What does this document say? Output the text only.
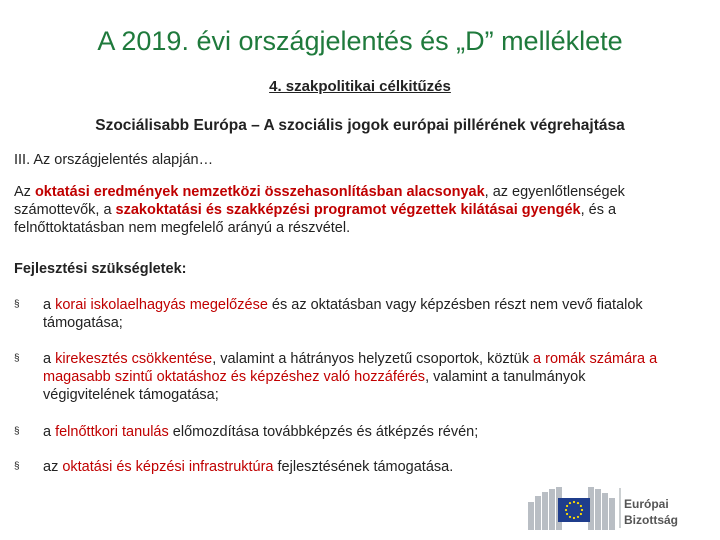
A 2019. évi országjelentés és „D” melléklete
4. szakpolitikai célkitűzés
Szociálisabb Európa – A szociális jogok európai pillérének végrehajtása
III. Az országjelentés alapján…
Az oktatási eredmények nemzetközi összehasonlításban alacsonyak, az egyenlőtlenségek számottevők, a szakoktatási és szakképzési programot végzettek kilátásai gyengék, és a felnőttoktatásban nem megfelelő arányú a részvétel.
Fejlesztési szükségletek:
§ a korai iskolaelhagyás megelőzése és az oktatásban vagy képzésben részt nem vevő fiatalok támogatása;
§ a kirekesztés csökkentése, valamint a hátrányos helyzetű csoportok, köztük a romák számára a magasabb szintű oktatáshoz és képzéshez való hozzáférés, valamint a tanulmányok végigvitelének támogatása;
§ a felnőttkori tanulás előmozdítása továbbképzés és átképzés révén;
§ az oktatási és képzési infrastruktúra fejlesztésének támogatása.
Európai
Bizottság
